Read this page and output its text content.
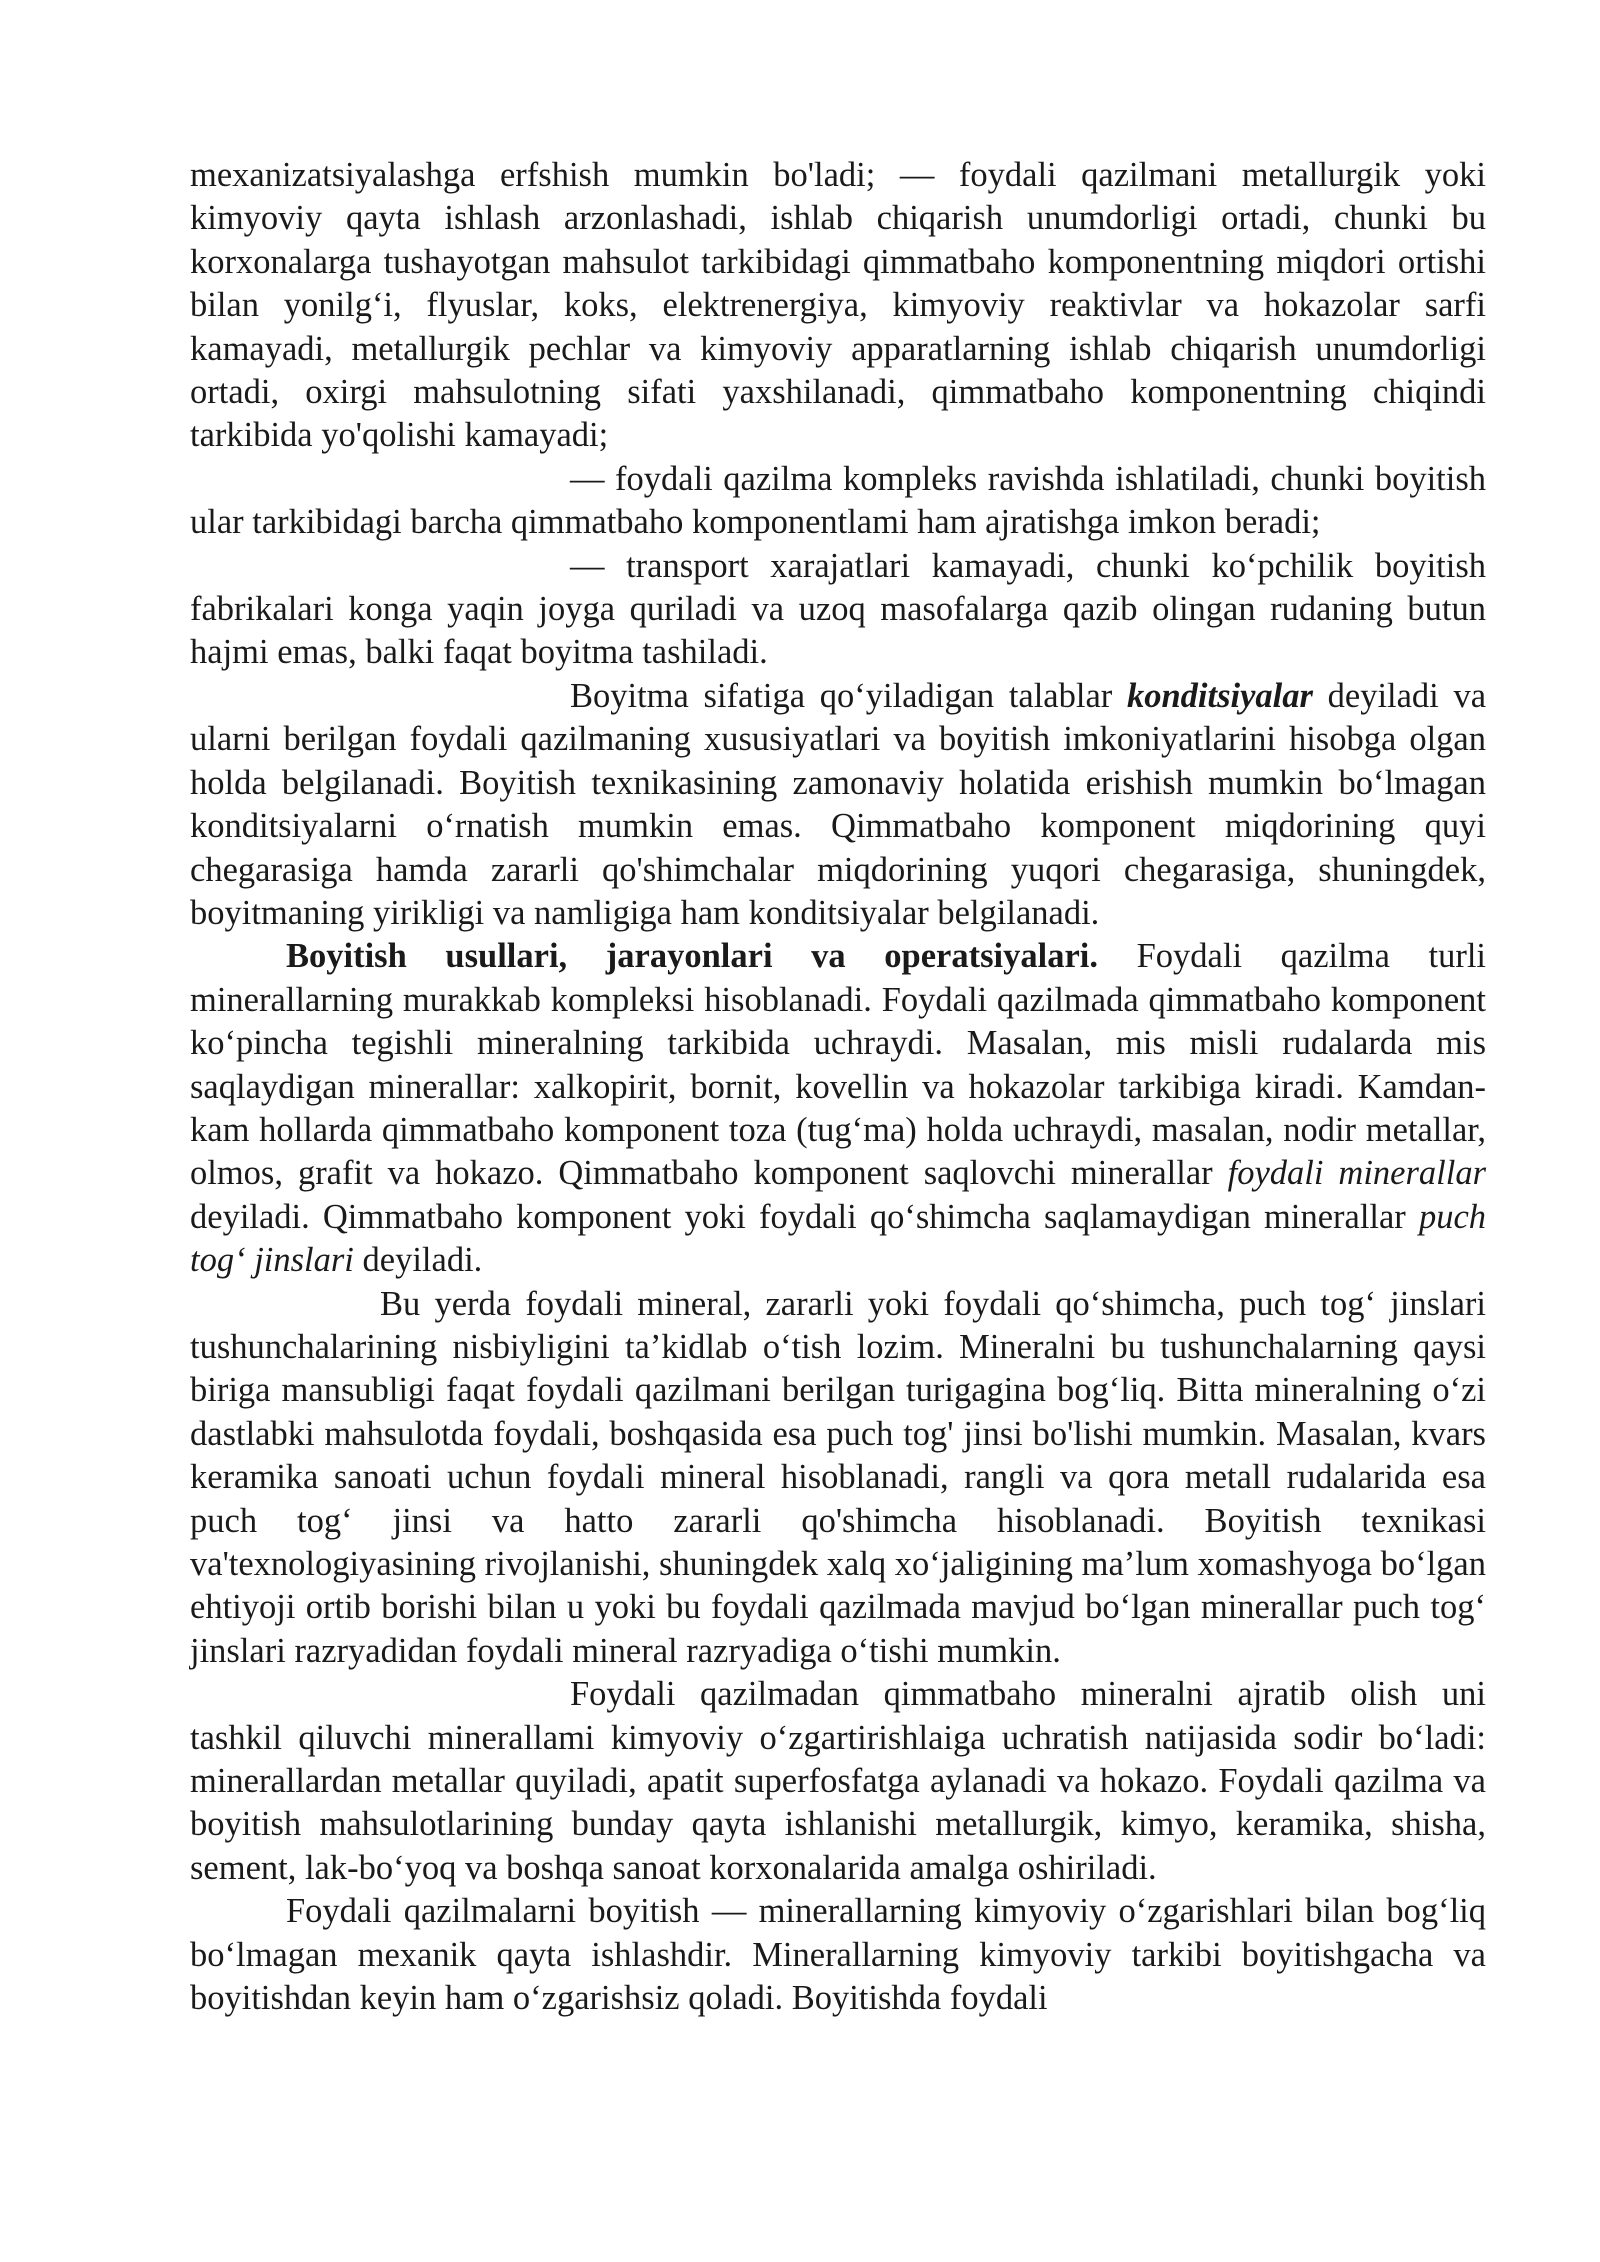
mexanizatsiyalashga erfshish mumkin bo'ladi; — foydali qazilmani metallurgik yoki kimyoviy qayta ishlash arzonlashadi, ishlab chiqarish unumdorligi ortadi, chunki bu korxonalarga tushayotgan mahsulot tarkibidagi qimmatbaho komponentning miqdori ortishi bilan yonilg‘i, flyuslar, koks, elektrenergiya, kimyoviy reaktivlar va hokazolar sarfi kamayadi, metallurgik pechlar va kimyoviy apparatlarning ishlab chiqarish unumdorligi ortadi, oxirgi mahsulotning sifati yaxshilanadi, qimmatbaho komponentning chiqindi tarkibida yo'qolishi kamayadi;

— foydali qazilma kompleks ravishda ishlatiladi, chunki boyitish ular tarkibidagi barcha qimmatbaho komponentlami ham ajratishga imkon beradi;

— transport xarajatlari kamayadi, chunki ko‘pchilik boyitish fabrikalari konga yaqin joyga quriladi va uzoq masofalarga qazib olingan rudaning butun hajmi emas, balki faqat boyitma tashiladi.

Boyitma sifatiga qo‘yiladigan talablar konditsiyalar deyiladi va ularni berilgan foydali qazilmaning xususiyatlari va boyitish imkoniyatlarini hisobga olgan holda belgilanadi. Boyitish texnikasining zamonaviy holatida erishish mumkin bo‘lmagan konditsiyalarni o‘rnatish mumkin emas. Qimmatbaho komponent miqdorining quyi chegarasiga hamda zararli qo'shimchalar miqdorining yuqori chegarasiga, shuningdek, boyitmaning yirikligi va namligiga ham konditsiyalar belgilanadi.

Boyitish usullari, jarayonlari va operatsiyalari. Foydali qazilma turli minerallarning murakkab kompleksi hisoblanadi. Foydali qazilmada qimmatbaho komponent ko‘pincha tegishli mineralning tarkibida uchraydi. Masalan, mis misli rudalarda mis saqlaydigan minerallar: xalkopirit, bornit, kovellin va hokazolar tarkibiga kiradi. Kamdan-kam hollarda qimmatbaho komponent toza (tug‘ma) holda uchraydi, masalan, nodir metallar, olmos, grafit va hokazo. Qimmatbaho komponent saqlovchi minerallar foydali minerallar deyiladi. Qimmatbaho komponent yoki foydali qo‘shimcha saqlamaydigan minerallar puch tog‘ jinslari deyiladi.

Bu yerda foydali mineral, zararli yoki foydali qo‘shimcha, puch tog‘ jinslari tushunchalarining nisbiyligini ta’kidlab o‘tish lozim. Mineralni bu tushunchalarning qaysi biriga mansubligi faqat foydali qazilmani berilgan turigagina bog‘liq. Bitta mineralning o‘zi dastlabki mahsulotda foydali, boshqasida esa puch tog' jinsi bo'lishi mumkin. Masalan, kvars keramika sanoati uchun foydali mineral hisoblanadi, rangli va qora metall rudalarida esa puch tog‘ jinsi va hatto zararli qo'shimcha hisoblanadi. Boyitish texnikasi va'texnologiyasining rivojlanishi, shuningdek xalq xo‘jaligining ma’lum xomashyoga bo‘lgan ehtiyoji ortib borishi bilan u yoki bu foydali qazilmada mavjud bo‘lgan minerallar puch tog‘ jinslari razryadidan foydali mineral razryadiga o‘tishi mumkin.

Foydali qazilmadan qimmatbaho mineralni ajratib olish uni tashkil qiluvchi minerallami kimyoviy o‘zgartirishlaiga uchratish natijasida sodir bo‘ladi: minerallardan metallar quyiladi, apatit superfosfatga aylanadi va hokazo. Foydali qazilma va boyitish mahsulotlarining bunday qayta ishlanishi metallurgik, kimyo, keramika, shisha, sement, lak-bo‘yoq va boshqa sanoat korxonalarida amalga oshiriladi.

Foydali qazilmalarni boyitish — minerallarning kimyoviy o‘zgarishlari bilan bog‘liq bo‘lmagan mexanik qayta ishlashdir. Minerallarning kimyoviy tarkibi boyitishgacha va boyitishdan keyin ham o‘zgarishsiz qoladi. Boyitishda foydali
